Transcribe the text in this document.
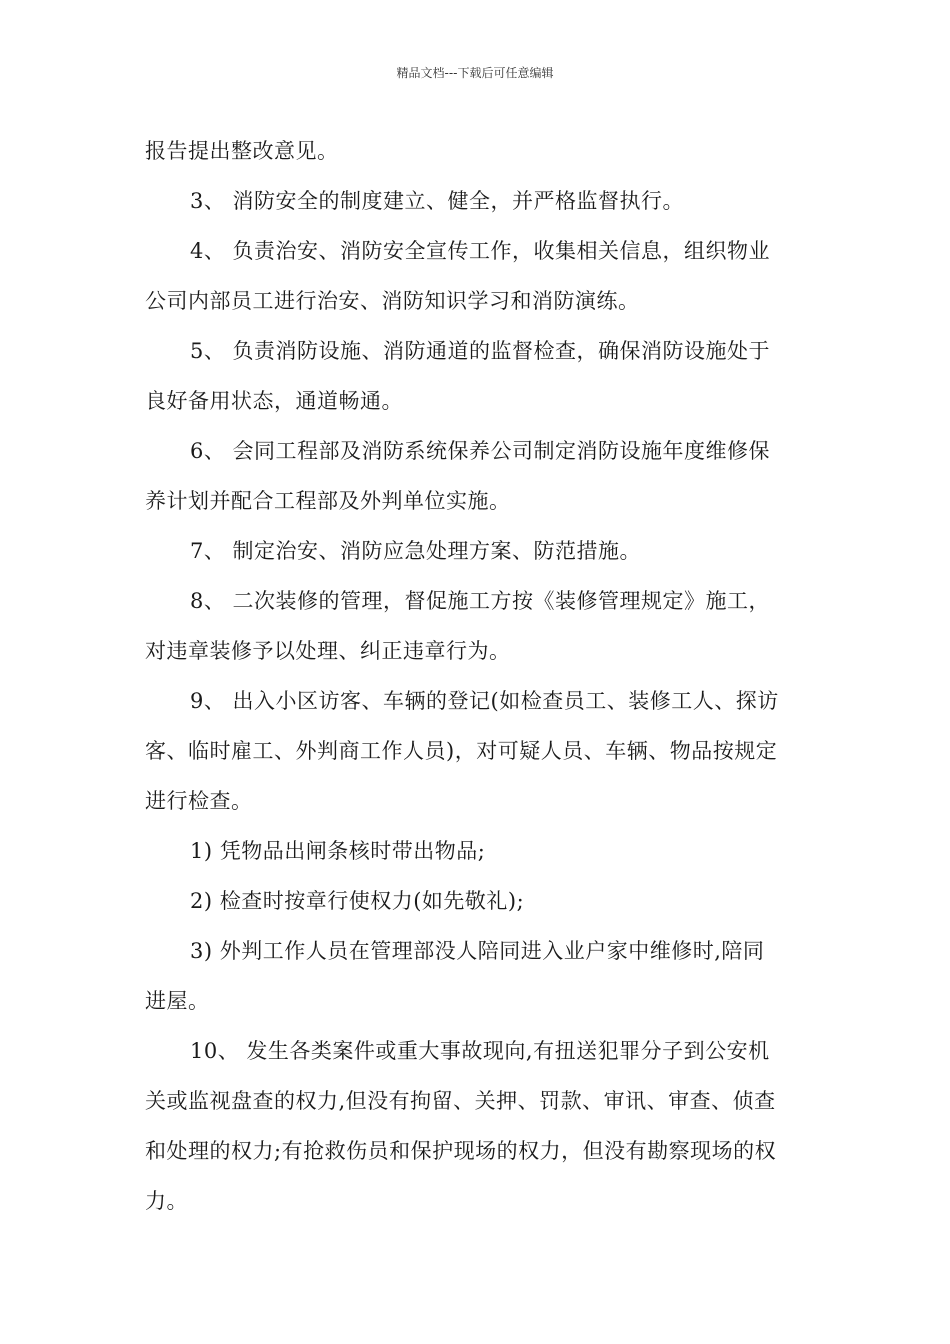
精品文档---下载后可任意编辑
报告提出整改意见。
3、 消防安全的制度建立、健全，并严格监督执行。
4、 负责治安、消防安全宣传工作，收集相关信息，组织物业
公司内部员工进行治安、消防知识学习和消防演练。
5、 负责消防设施、消防通道的监督检查，确保消防设施处于
良好备用状态，通道畅通。
6、 会同工程部及消防系统保养公司制定消防设施年度维修保
养计划并配合工程部及外判单位实施。
7、 制定治安、消防应急处理方案、防范措施。
8、 二次装修的管理，督促施工方按《装修管理规定》施工，
对违章装修予以处理、纠正违章行为。
9、 出入小区访客、车辆的登记(如检查员工、装修工人、探访
客、临时雇工、外判商工作人员)，对可疑人员、车辆、物品按规定
进行检查。
1) 凭物品出闸条核时带出物品;
2) 检查时按章行使权力(如先敬礼);
3) 外判工作人员在管理部没人陪同进入业户家中维修时,陪同
进屋。
10、 发生各类案件或重大事故现向,有扭送犯罪分子到公安机
关或监视盘查的权力,但没有拘留、关押、罚款、审讯、审查、侦查
和处理的权力;有抢救伤员和保护现场的权力，但没有勘察现场的权
力。
